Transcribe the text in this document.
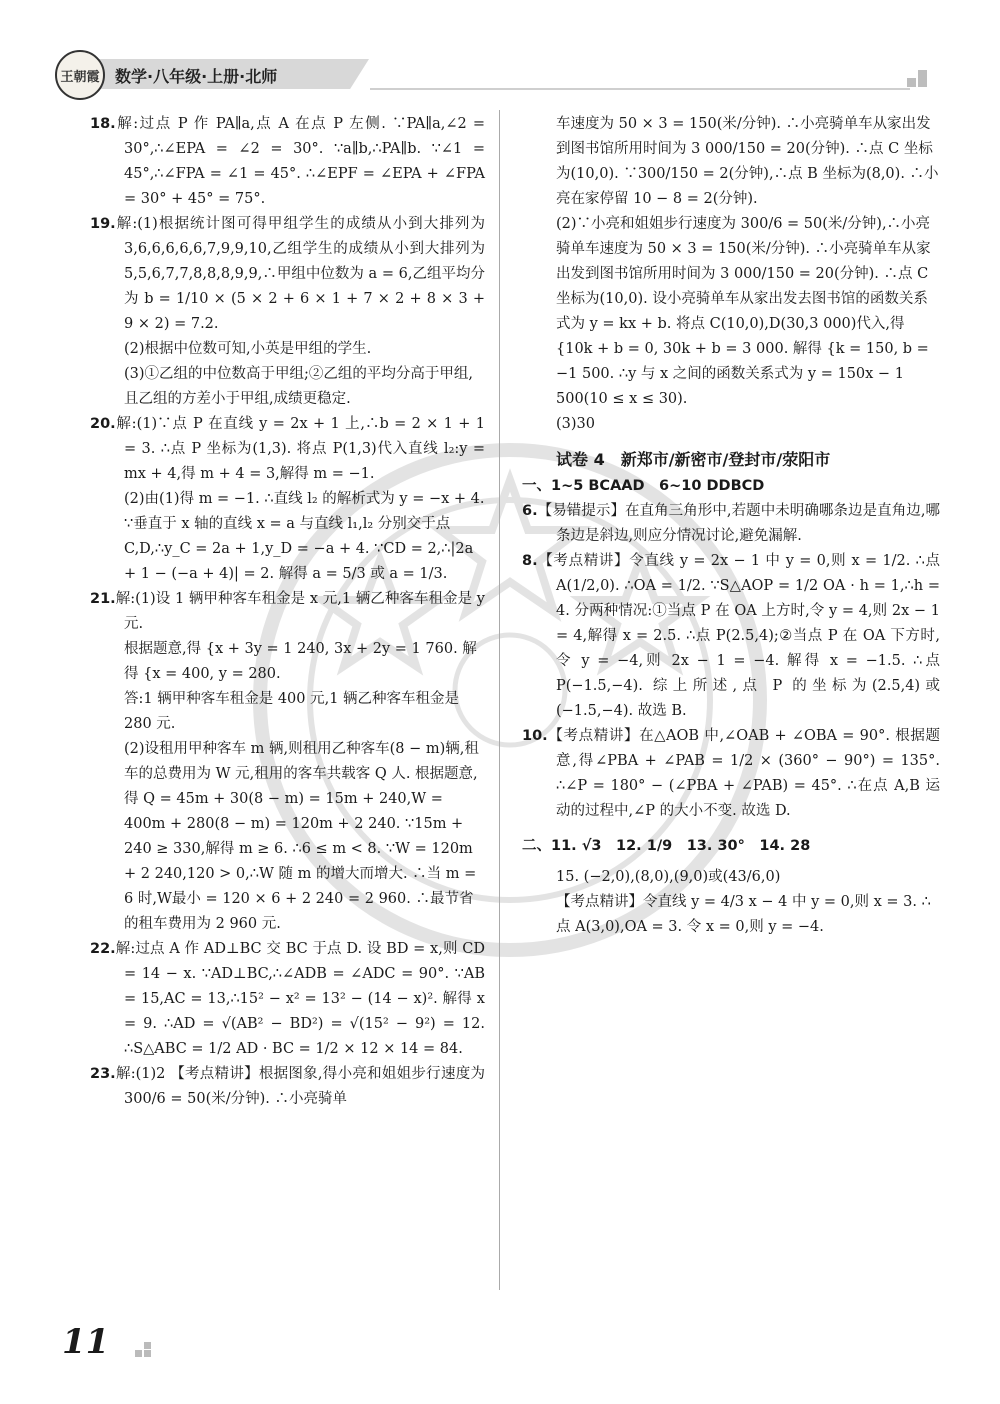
王朝霞 数学·八年级·上册·北师

18.解:过点 P 作 PA∥a,点 A 在点 P 左侧. ∵PA∥a,∠2 = 30°,∴∠EPA = ∠2 = 30°. ∵a∥b,∴PA∥b. ∵∠1 = 45°,∴∠FPA = ∠1 = 45°. ∴∠EPF = ∠EPA + ∠FPA = 30° + 45° = 75°.

19.解:(1)根据统计图可得甲组学生的成绩从小到大排列为 3,6,6,6,6,6,7,9,9,10,乙组学生的成绩从小到大排列为 5,5,6,7,7,8,8,8,9,9,∴甲组中位数为 a = 6,乙组平均分为 b = 1/10 × (5 × 2 + 6 × 1 + 7 × 2 + 8 × 3 + 9 × 2) = 7.2.

(2)根据中位数可知,小英是甲组的学生.

(3)①乙组的中位数高于甲组;②乙组的平均分高于甲组,且乙组的方差小于甲组,成绩更稳定.

20.解:(1)∵点 P 在直线 y = 2x + 1 上,∴b = 2 × 1 + 1 = 3. ∴点 P 坐标为(1,3). 将点 P(1,3)代入直线 l₂:y = mx + 4,得 m + 4 = 3,解得 m = −1.

(2)由(1)得 m = −1. ∴直线 l₂ 的解析式为 y = −x + 4. ∵垂直于 x 轴的直线 x = a 与直线 l₁,l₂ 分别交于点 C,D,∴y_C = 2a + 1,y_D = −a + 4. ∵CD = 2,∴|2a + 1 − (−a + 4)| = 2. 解得 a = 5/3 或 a = 1/3.

21.解:(1)设 1 辆甲种客车租金是 x 元,1 辆乙种客车租金是 y 元.

根据题意,得 {x + 3y = 1 240, 3x + 2y = 1 760. 解得 {x = 400, y = 280.

答:1 辆甲种客车租金是 400 元,1 辆乙种客车租金是 280 元.

(2)设租用甲种客车 m 辆,则租用乙种客车(8 − m)辆,租车的总费用为 W 元,租用的客车共载客 Q 人. 根据题意,得 Q = 45m + 30(8 − m) = 15m + 240,W = 400m + 280(8 − m) = 120m + 2 240. ∵15m + 240 ≥ 330,解得 m ≥ 6. ∴6 ≤ m < 8. ∵W = 120m + 2 240,120 > 0,∴W 随 m 的增大而增大. ∴当 m = 6 时,W最小 = 120 × 6 + 2 240 = 2 960. ∴最节省的租车费用为 2 960 元.

22.解:过点 A 作 AD⊥BC 交 BC 于点 D. 设 BD = x,则 CD = 14 − x. ∵AD⊥BC,∴∠ADB = ∠ADC = 90°. ∵AB = 15,AC = 13,∴15² − x² = 13² − (14 − x)². 解得 x = 9. ∴AD = √(AB² − BD²) = √(15² − 9²) = 12. ∴S△ABC = 1/2 AD · BC = 1/2 × 12 × 14 = 84.

23.解:(1)2 【考点精讲】根据图象,得小亮和姐姐步行速度为 300/6 = 50(米/分钟). ∴小亮骑单

车速度为 50 × 3 = 150(米/分钟). ∴小亮骑单车从家出发到图书馆所用时间为 3 000/150 = 20(分钟). ∴点 C 坐标为(10,0). ∵300/150 = 2(分钟),∴点 B 坐标为(8,0). ∴小亮在家停留 10 − 8 = 2(分钟).

(2)∵小亮和姐姐步行速度为 300/6 = 50(米/分钟),∴小亮骑单车速度为 50 × 3 = 150(米/分钟). ∴小亮骑单车从家出发到图书馆所用时间为 3 000/150 = 20(分钟). ∴点 C 坐标为(10,0). 设小亮骑单车从家出发去图书馆的函数关系式为 y = kx + b. 将点 C(10,0),D(30,3 000)代入,得 {10k + b = 0, 30k + b = 3 000. 解得 {k = 150, b = −1 500. ∴y 与 x 之间的函数关系式为 y = 150x − 1 500(10 ≤ x ≤ 30).

(3)30

试卷 4　新郑市/新密市/登封市/荥阳市

一、1~5 BCAAD　6~10 DDBCD

6.【易错提示】在直角三角形中,若题中未明确哪条边是直角边,哪条边是斜边,则应分情况讨论,避免漏解.

8.【考点精讲】令直线 y = 2x − 1 中 y = 0,则 x = 1/2. ∴点 A(1/2,0). ∴OA = 1/2. ∵S△AOP = 1/2 OA · h = 1,∴h = 4. 分两种情况:①当点 P 在 OA 上方时,令 y = 4,则 2x − 1 = 4,解得 x = 2.5. ∴点 P(2.5,4);②当点 P 在 OA 下方时,令 y = −4,则 2x − 1 = −4. 解得 x = −1.5. ∴点 P(−1.5,−4). 综上所述,点 P 的坐标为(2.5,4)或(−1.5,−4). 故选 B.

10.【考点精讲】在△AOB 中,∠OAB + ∠OBA = 90°. 根据题意,得∠PBA + ∠PAB = 1/2 × (360° − 90°) = 135°. ∴∠P = 180° − (∠PBA + ∠PAB) = 45°. ∴在点 A,B 运动的过程中,∠P 的大小不变. 故选 D.

二、11. √3　12. 1/9　13. 30°　14. 28

15. (−2,0),(8,0),(9,0)或(43/6,0)

【考点精讲】令直线 y = 4/3 x − 4 中 y = 0,则 x = 3. ∴点 A(3,0),OA = 3. 令 x = 0,则 y = −4.

11
